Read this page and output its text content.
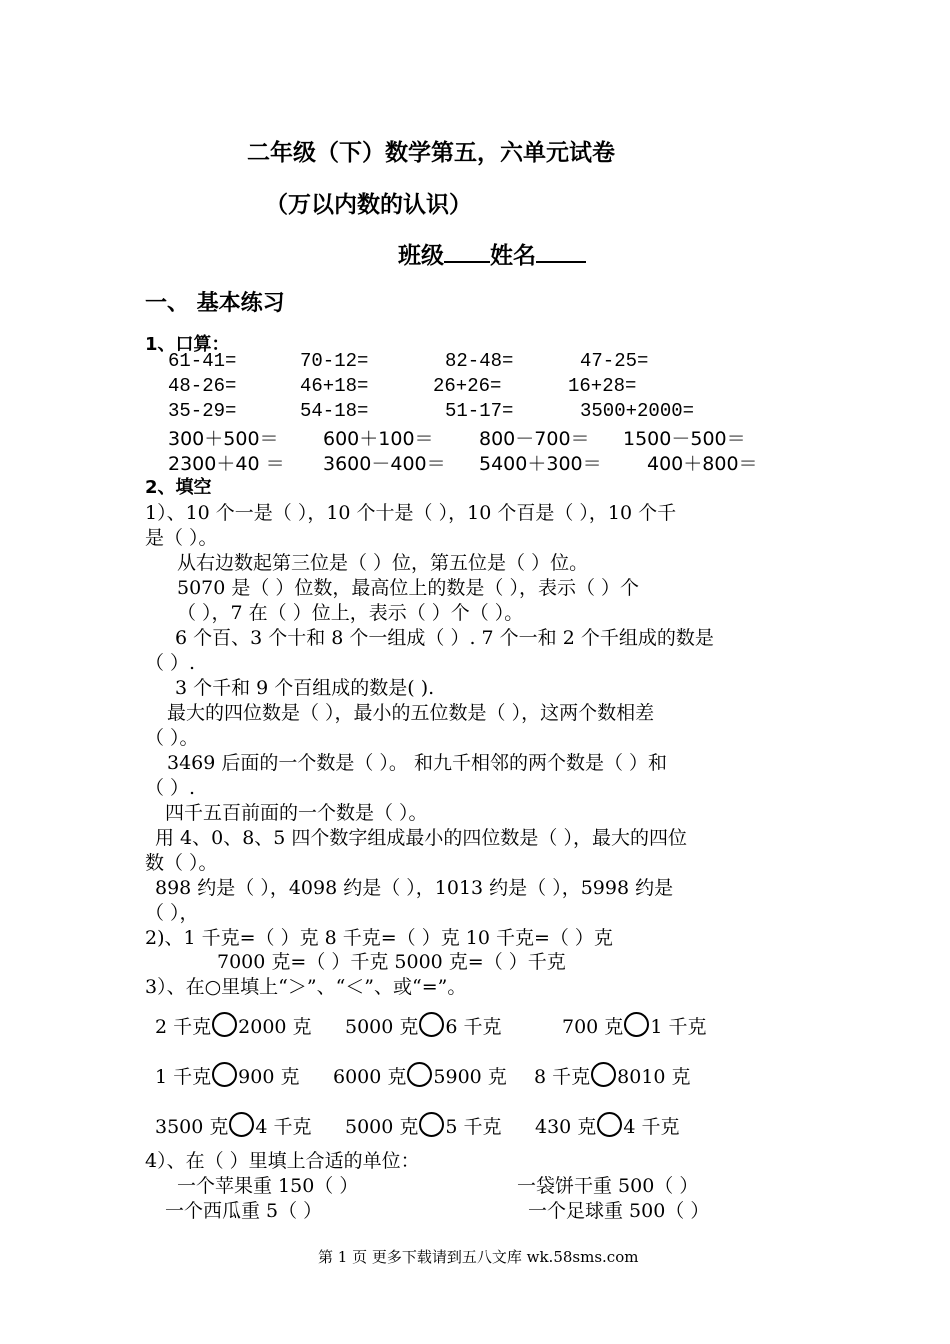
二年级（下）数学第五，六单元试卷
（万以内数的认识）
班级 姓名
一、 基本练习
1、口算：
61-41=	70-12=	82-48=	47-25=
48-26=	46+18=	26+26=	16+28=
35-29=	54-18=	51-17=	3500+2000=
300＋500＝ 600＋100＝ 800－700＝ 1500－500＝
2300＋40 ＝ 3600－400＝ 5400＋300＝ 400＋800＝
2、填空
1）、10 个一是（ ），10 个十是（ ），10 个百是（ ），10 个千
是（ ）。
从右边数起第三位是（ ）位，第五位是（ ）位。
5070 是（ ）位数，最高位上的数是（ ），表示（ ）个
（ ），7 在（ ）位上，表示（ ）个（ ）。
6 个百、3 个十和 8 个一组成（ ）. 7 个一和 2 个千组成的数是
（ ）.
3 个千和 9 个百组成的数是( ).
最大的四位数是（ ），最小的五位数是（ ），这两个数相差
（ ）。
3469 后面的一个数是（ ）。 和九千相邻的两个数是（ ）和
（ ）.
四千五百前面的一个数是（ ）。
用 4、0、8、5 四个数字组成最小的四位数是（ ），最大的四位
数（ ）。
898 约是（ ），4098 约是（ ），1013 约是（ ），5998 约是
（ ），
2)、1 千克=（ ）克 8 千克=（ ）克 10 千克=（ ）克
7000 克=（ ）千克 5000 克=（ ）千克
3）、在○里填上“＞”、“＜”、或“=”。
2 千克 2000 克 5000 克 6 千克	700 克 1 千克
1 千克 900 克 6000 克 5900 克 8 千克 8010 克
3500 克 4 千克 5000 克 5 千克 430 克 4 千克
4）、在（ ）里填上合适的单位：
一个苹果重 150（ ）	一袋饼干重 500（ ）
一个西瓜重 5（ ）	一个足球重 500（ ）
第 1 页 更多下载请到五八文库 wk.58sms.com
